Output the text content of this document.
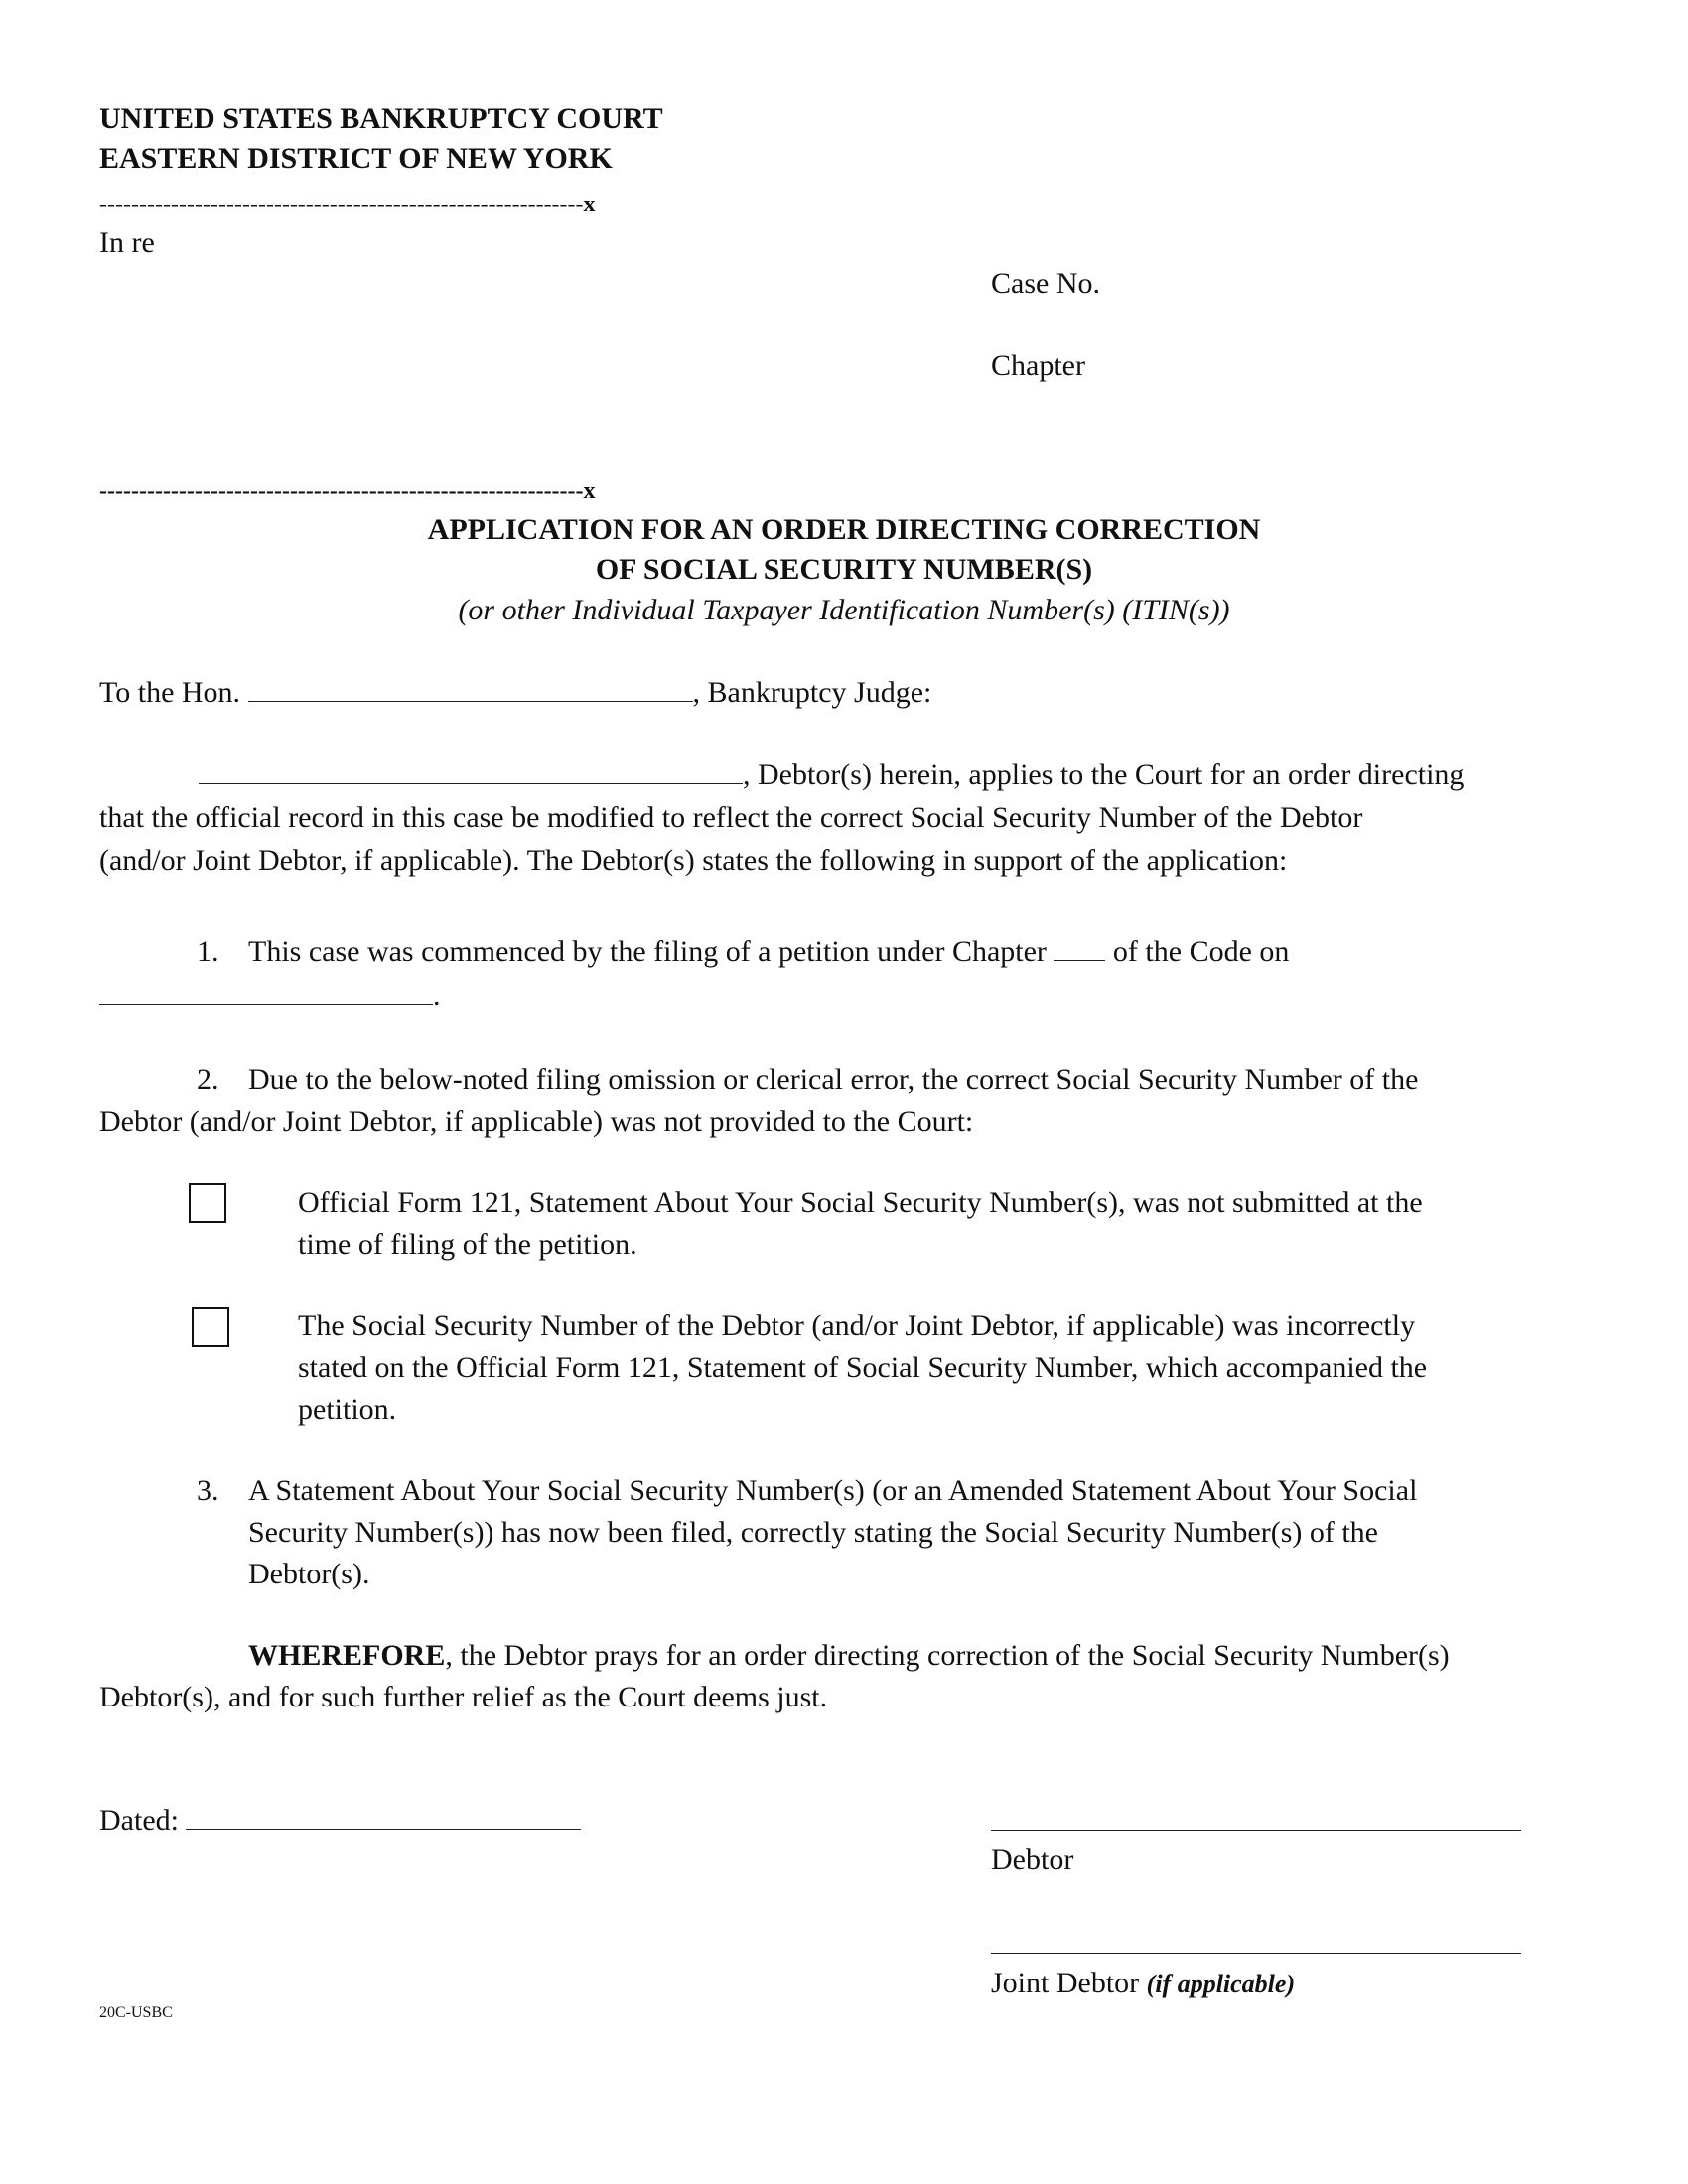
UNITED STATES BANKRUPTCY COURT
EASTERN DISTRICT OF NEW YORK
-------------------------------------------------------------x
In re
Case No.
Chapter
-------------------------------------------------------------x
APPLICATION FOR AN ORDER DIRECTING CORRECTION
OF SOCIAL SECURITY NUMBER(S)
(or other Individual Taxpayer Identification Number(s) (ITIN(s))
To the Hon.	, Bankruptcy Judge:
, Debtor(s) herein, applies to the Court for an order directing
that the official record in this case be modified to reflect the correct Social Security Number of the Debtor
(and/or Joint Debtor, if applicable). The Debtor(s) states the following in support of the application:
1. This case was commenced by the filing of a petition under Chapter of the Code on
.
2. Due to the below-noted filing omission or clerical error, the correct Social Security Number of the
Debtor (and/or Joint Debtor, if applicable) was not provided to the Court:
Official Form 121, Statement About Your Social Security Number(s), was not submitted at the
time of filing of the petition.
The Social Security Number of the Debtor (and/or Joint Debtor, if applicable) was incorrectly
stated on the Official Form 121, Statement of Social Security Number, which accompanied the
petition.
3. A Statement About Your Social Security Number(s) (or an Amended Statement About Your Social
Security Number(s)) has now been filed, correctly stating the Social Security Number(s) of the
Debtor(s).
WHEREFORE, the Debtor prays for an order directing correction of the Social Security Number(s)
Debtor(s), and for such further relief as the Court deems just.
Dated:
Debtor
Joint Debtor (if applicable)
20C-USBC
